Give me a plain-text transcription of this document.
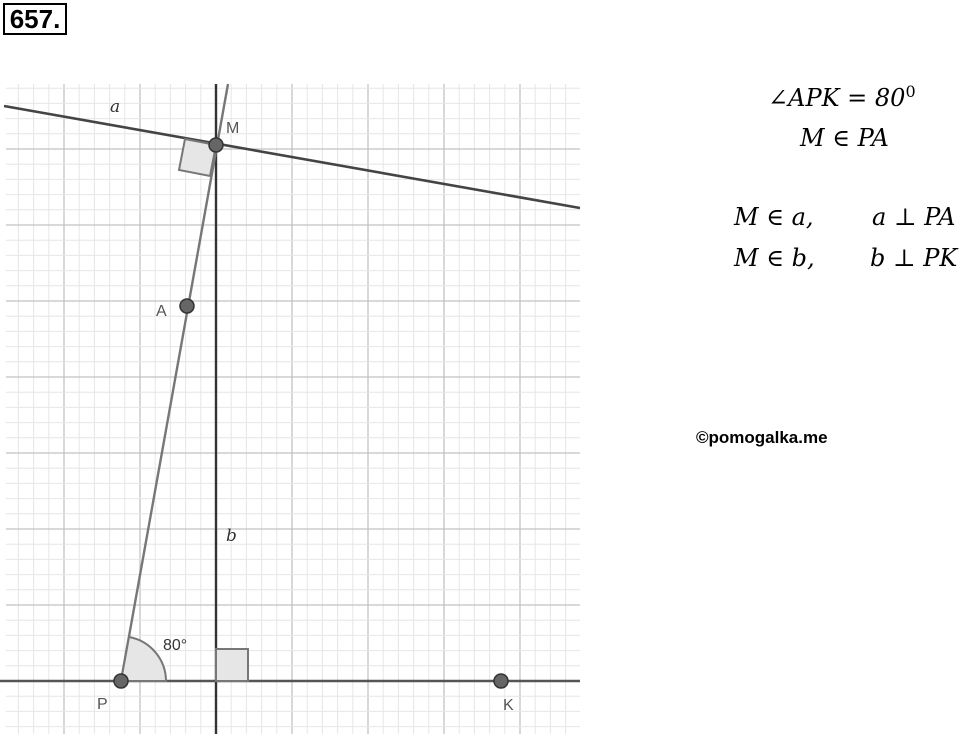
657.
M
A
P	K
a
b
80°
∠APK = $80^0$
M ∈ PA
M ∈ a, a ⊥ PA
M ∈ b, b ⊥ PK
©pomogalka.me
